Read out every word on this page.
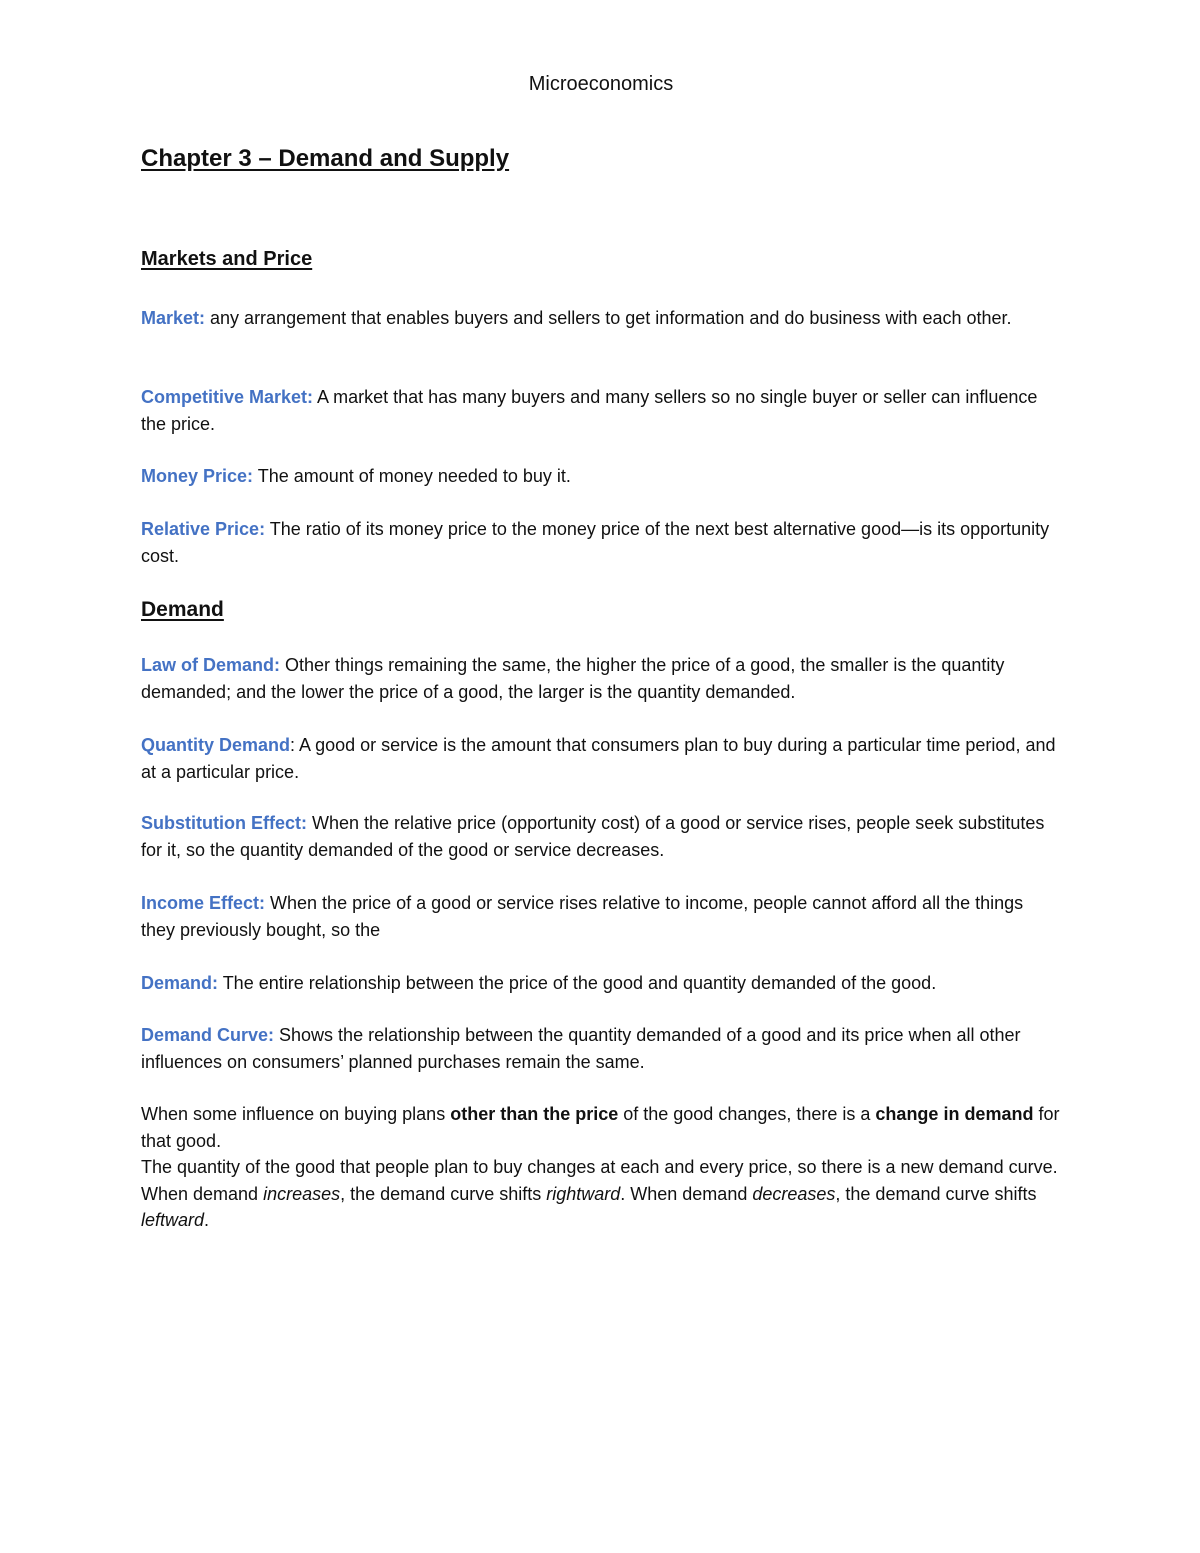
Microeconomics
Chapter 3 – Demand and Supply
Markets and Price

Market: any arrangement that enables buyers and sellers to get information and do business with each other.

Competitive Market: A market that has many buyers and many sellers so no single buyer or seller can influence the price.

Money Price: The amount of money needed to buy it.

Relative Price: The ratio of its money price to the money price of the next best alternative good—is its opportunity cost.

Demand

Law of Demand: Other things remaining the same, the higher the price of a good, the smaller is the quantity demanded; and the lower the price of a good, the larger is the quantity demanded.

Quantity Demand: A good or service is the amount that consumers plan to buy during a particular time period, and at a particular price.

Substitution Effect: When the relative price (opportunity cost) of a good or service rises, people seek substitutes for it, so the quantity demanded of the good or service decreases.

Income Effect: When the price of a good or service rises relative to income, people cannot afford all the things they previously bought, so the

Demand: The entire relationship between the price of the good and quantity demanded of the good.

Demand Curve: Shows the relationship between the quantity demanded of a good and its price when all other influences on consumers’ planned purchases remain the same.

When some influence on buying plans other than the price of the good changes, there is a change in demand for that good.
The quantity of the good that people plan to buy changes at each and every price, so there is a new demand curve. When demand increases, the demand curve shifts rightward. When demand decreases, the demand curve shifts leftward.
